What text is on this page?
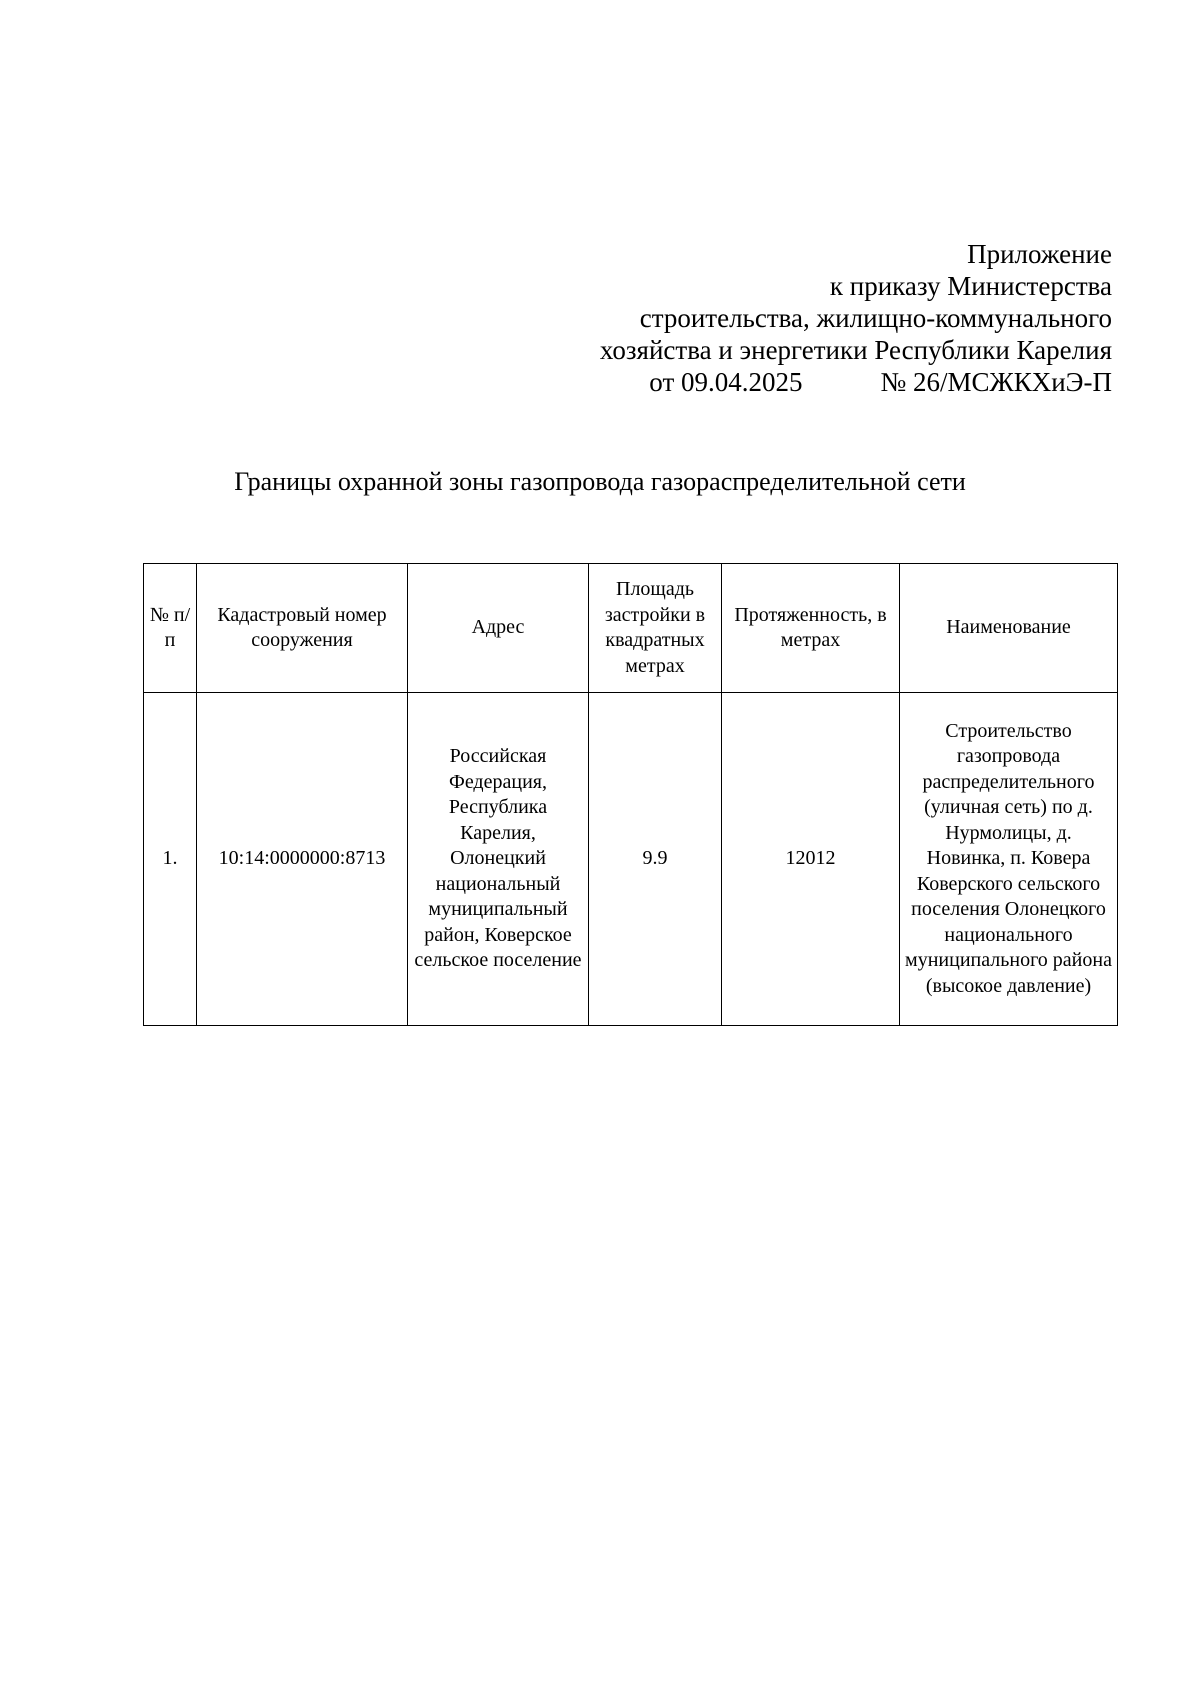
Приложение
к приказу Министерства
строительства, жилищно-коммунального
хозяйства и энергетики Республики Карелия
от 09.04.2025	№ 26/МСЖКХиЭ-П
Границы охранной зоны газопровода газораспределительной сети
№ п/п	Кадастровый номер сооружения	Адрес	Площадь застройки в квадратных метрах	Протяженность, в метрах	Наименование
1.	10:14:0000000:8713	Российская Федерация, Республика Карелия, Олонецкий национальный муниципальный район, Коверское сельское поселение	9.9	12012	Строительство газопровода распределительного (уличная сеть) по д. Нурмолицы, д. Новинка, п. Ковера Коверского сельского поселения Олонецкого национального муниципального района (высокое давление)
